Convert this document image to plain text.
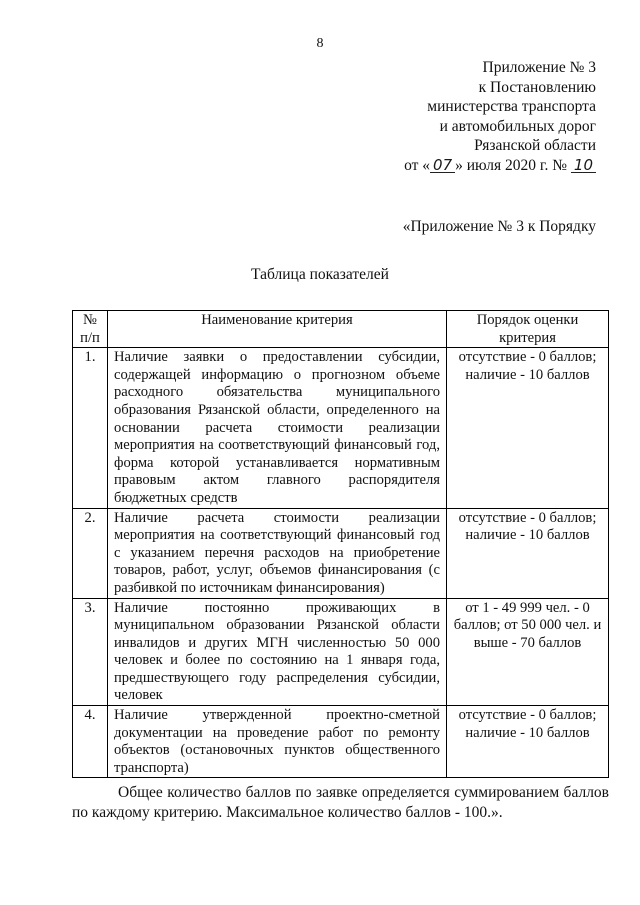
8
Приложение № 3
к Постановлению
министерства транспорта
и автомобильных дорог
Рязанской области
от « 07 » июля 2020 г. № 10
«Приложение № 3 к Порядку
Таблица показателей
№
п/п	Наименование критерия	Порядок оценки критерия
1.	Наличие заявки о предоставлении субсидии, содержащей информацию о прогнозном объеме расходного обязательства муниципального образования Рязанской области, определенного на основании расчета стоимости реализации мероприятия на соответствующий финансовый год, форма которой устанавливается нормативным правовым актом главного распорядителя бюджетных средств	отсутствие - 0 баллов; наличие - 10 баллов
2.	Наличие расчета стоимости реализации мероприятия на соответствующий финансовый год с указанием перечня расходов на приобретение товаров, работ, услуг, объемов финансирования (с разбивкой по источникам финансирования)	отсутствие - 0 баллов; наличие - 10 баллов
3.	Наличие постоянно проживающих в муниципальном образовании Рязанской области инвалидов и других МГН численностью 50 000 человек и более по состоянию на 1 января года, предшествующего году распределения субсидии, человек	от 1 - 49 999 чел. - 0 баллов; от 50 000 чел. и выше - 70 баллов
4.	Наличие утвержденной проектно-сметной документации на проведение работ по ремонту объектов (остановочных пунктов общественного транспорта)	отсутствие - 0 баллов; наличие - 10 баллов
Общее количество баллов по заявке определяется суммированием баллов по каждому критерию. Максимальное количество баллов - 100.».
